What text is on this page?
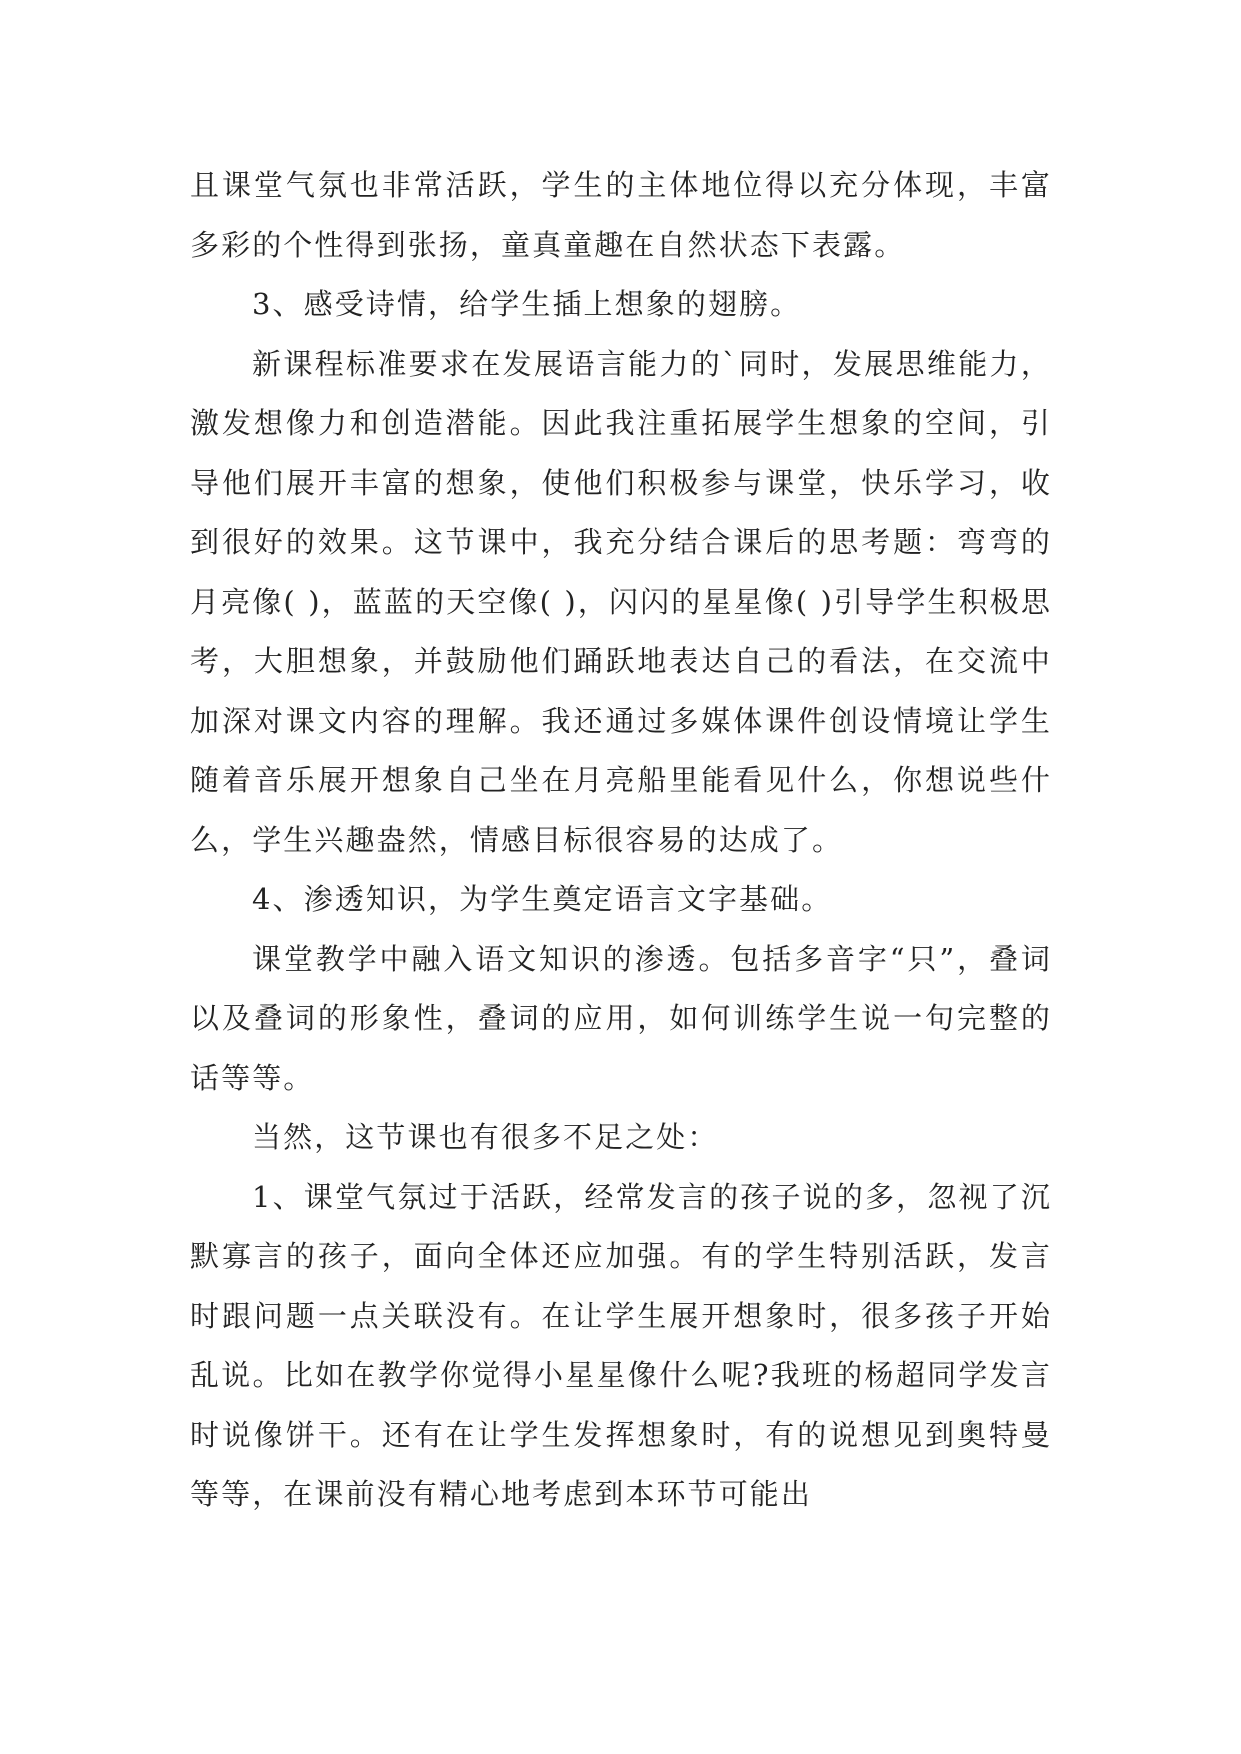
且课堂气氛也非常活跃，学生的主体地位得以充分体现，丰富多彩的个性得到张扬，童真童趣在自然状态下表露。

3、感受诗情，给学生插上想象的翅膀。

新课程标准要求在发展语言能力的`同时，发展思维能力，激发想像力和创造潜能。因此我注重拓展学生想象的空间，引导他们展开丰富的想象，使他们积极参与课堂，快乐学习，收到很好的效果。这节课中，我充分结合课后的思考题：弯弯的月亮像( )，蓝蓝的天空像( )，闪闪的星星像( )引导学生积极思考，大胆想象，并鼓励他们踊跃地表达自己的看法，在交流中加深对课文内容的理解。我还通过多媒体课件创设情境让学生随着音乐展开想象自己坐在月亮船里能看见什么，你想说些什么，学生兴趣盎然，情感目标很容易的达成了。

4、渗透知识，为学生奠定语言文字基础。

课堂教学中融入语文知识的渗透。包括多音字“只”，叠词以及叠词的形象性，叠词的应用，如何训练学生说一句完整的话等等。

当然，这节课也有很多不足之处：

1、课堂气氛过于活跃，经常发言的孩子说的多，忽视了沉默寡言的孩子，面向全体还应加强。有的学生特别活跃，发言时跟问题一点关联没有。在让学生展开想象时，很多孩子开始乱说。比如在教学你觉得小星星像什么呢?我班的杨超同学发言时说像饼干。还有在让学生发挥想象时，有的说想见到奥特曼等等，在课前没有精心地考虑到本环节可能出
